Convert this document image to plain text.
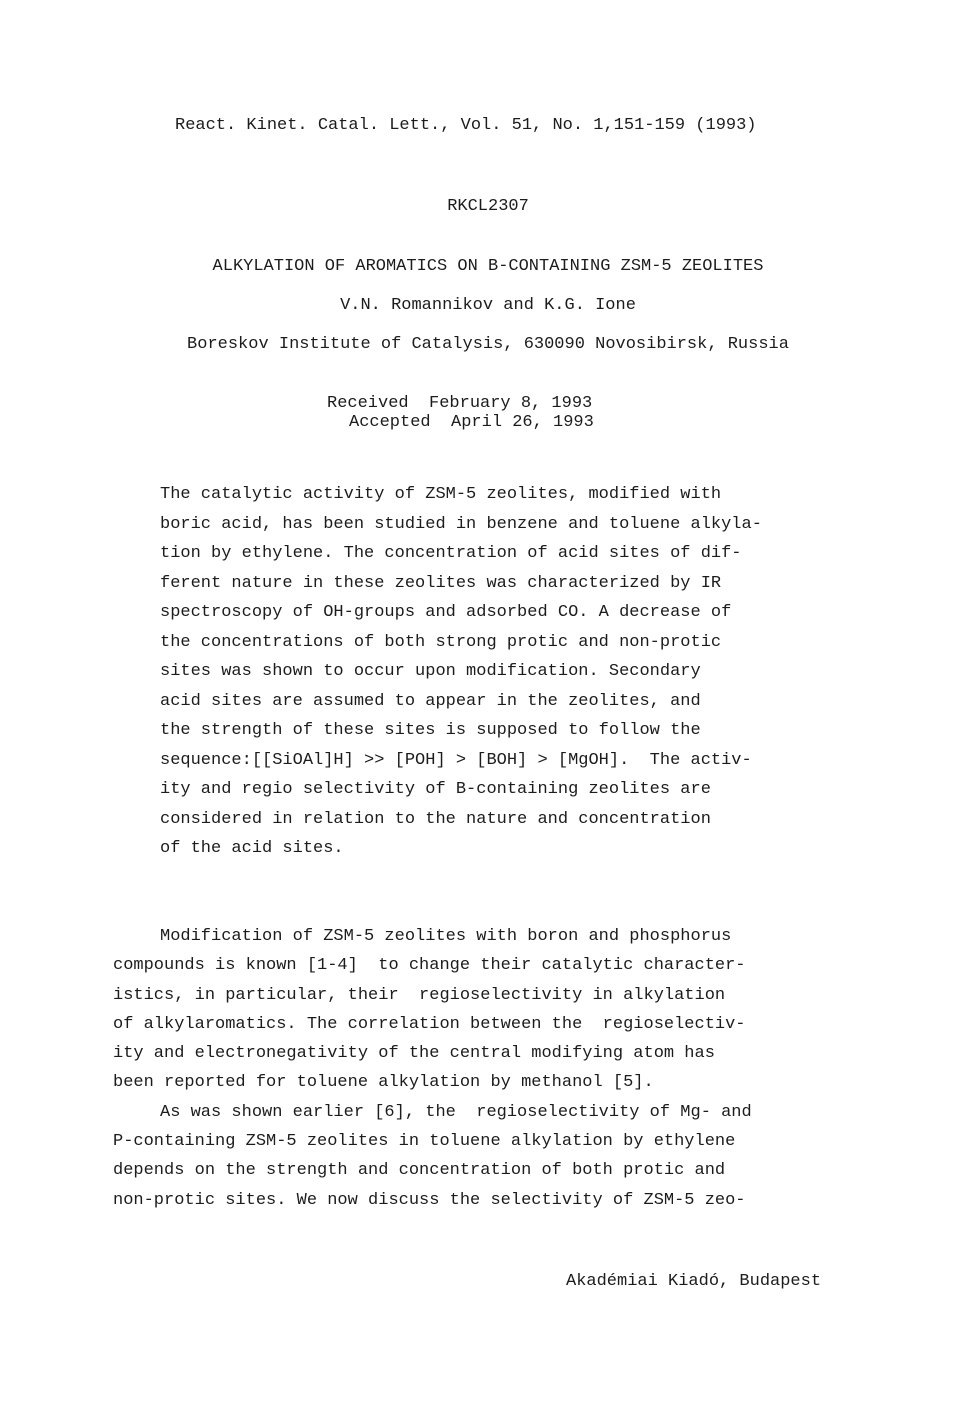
React. Kinet. Catal. Lett., Vol. 51, No. 1,151-159 (1993)
RKCL2307
ALKYLATION OF AROMATICS ON B-CONTAINING ZSM-5 ZEOLITES
V.N. Romannikov and K.G. Ione
Boreskov Institute of Catalysis, 630090 Novosibirsk, Russia
Received  February 8, 1993
Accepted  April 26, 1993
The catalytic activity of ZSM-5 zeolites, modified with
boric acid, has been studied in benzene and toluene alkyla-
tion by ethylene. The concentration of acid sites of dif-
ferent nature in these zeolites was characterized by IR
spectroscopy of OH-groups and adsorbed CO. A decrease of
the concentrations of both strong protic and non-protic
sites was shown to occur upon modification. Secondary
acid sites are assumed to appear in the zeolites, and
the strength of these sites is supposed to follow the
sequence:[[SiOAl]H] >> [POH] > [BOH] > [MgOH].  The activ-
ity and regio selectivity of B-containing zeolites are
considered in relation to the nature and concentration
of the acid sites.
Modification of ZSM-5 zeolites with boron and phosphorus
compounds is known [1-4]  to change their catalytic character-
istics, in particular, their  regioselectivity in alkylation
of alkylaromatics. The correlation between the  regioselectiv-
ity and electronegativity of the central modifying atom has
been reported for toluene alkylation by methanol [5].
As was shown earlier [6], the  regioselectivity of Mg- and
P-containing ZSM-5 zeolites in toluene alkylation by ethylene
depends on the strength and concentration of both protic and
non-protic sites. We now discuss the selectivity of ZSM-5 zeo-
Akadémiai Kiadó, Budapest
